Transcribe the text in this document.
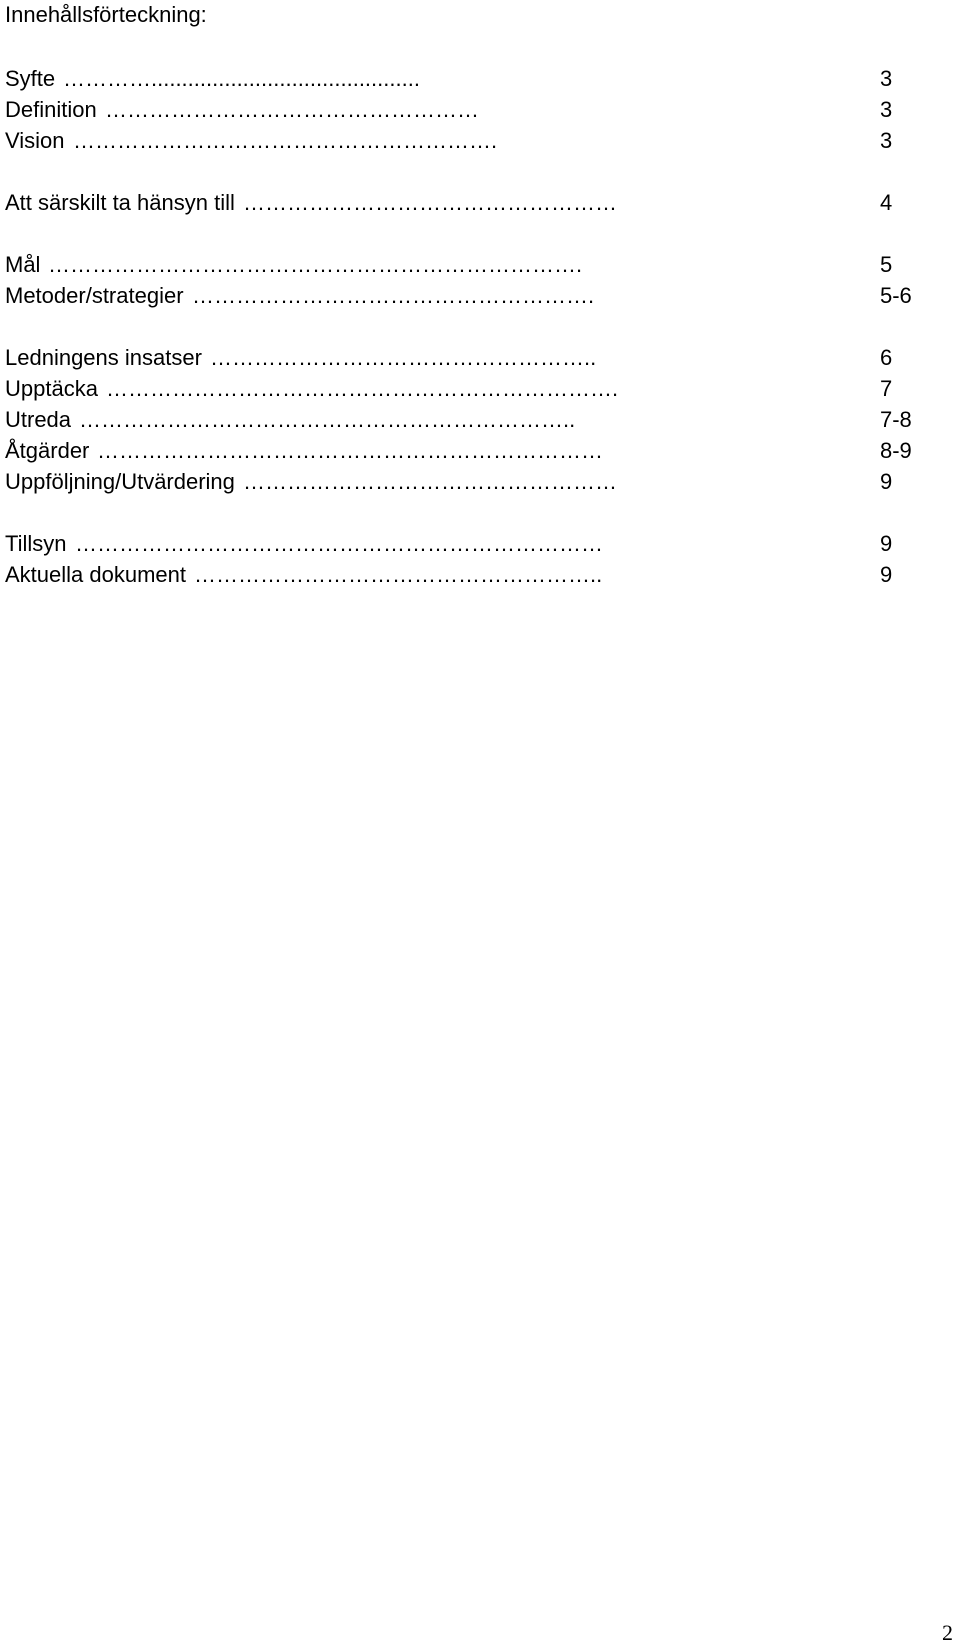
Innehållsförteckning:
Syfte …………............................................	3
Definition ……………………………………………	3
Vision ………………………………………………….	3
Att särskilt ta hänsyn till ……………………………………………	4
Mål ……………………………………………………………….	5
Metoder/strategier ……………………………………………….	5-6
Ledningens insatser ……………………………………………..	6
Upptäcka …………………………………………………………….	7
Utreda …………………………………………………………..	7-8
Åtgärder ……………………………………………………………	8-9
Uppföljning/Utvärdering ……………………………………………	9
Tillsyn ………………………………………………………………	9
Aktuella dokument ………………………………………………..	9
2
